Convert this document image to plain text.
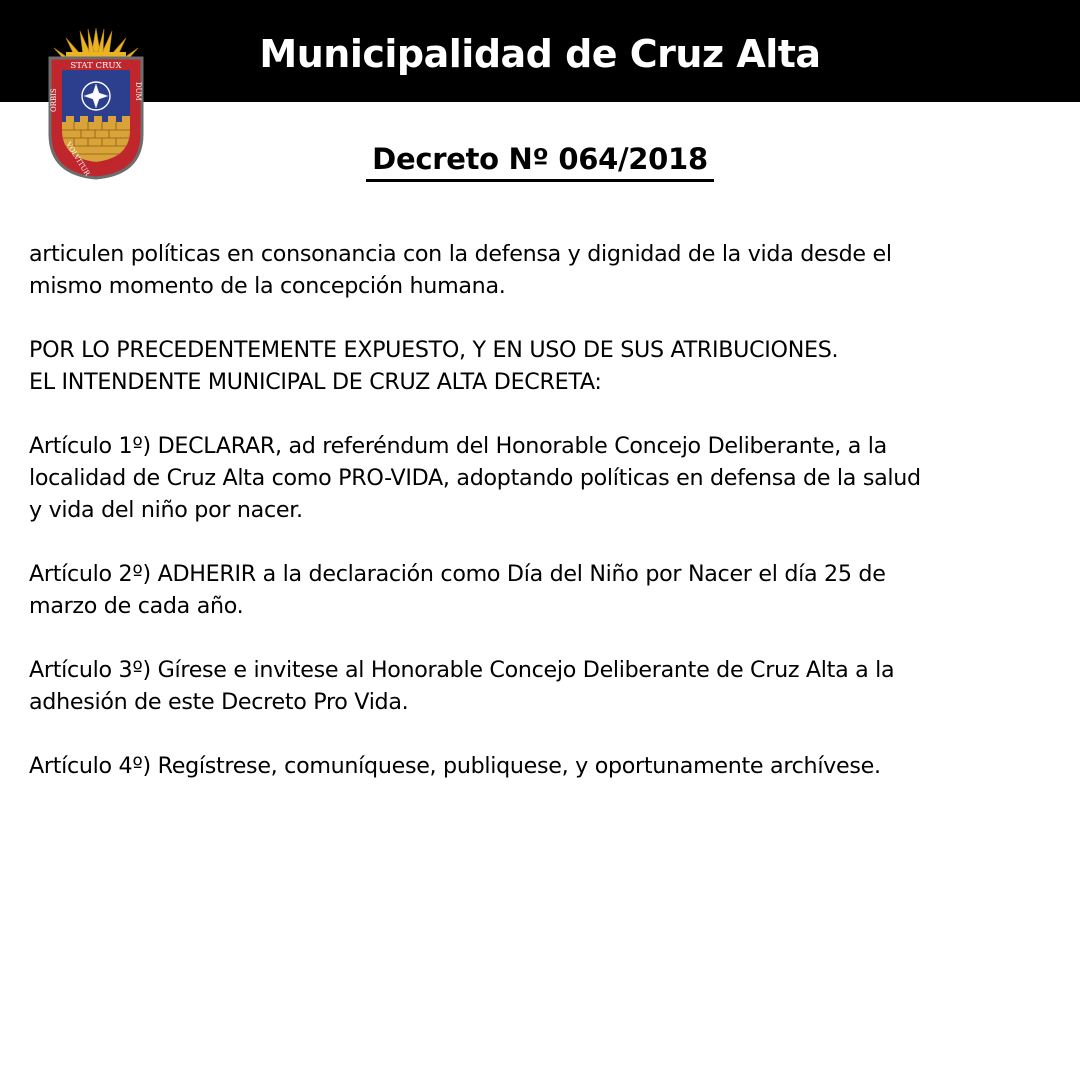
Municipalidad de Cruz Alta
STAT CRUX
DUM
ORBIS
VOLVITUR	Decreto Nº 064/2018

articulen políticas en consonancia con la defensa y dignidad de la vida desde el
mismo momento de la concepción humana.

POR LO PRECEDENTEMENTE EXPUESTO, Y EN USO DE SUS ATRIBUCIONES.
EL INTENDENTE MUNICIPAL DE CRUZ ALTA DECRETA:

Artículo 1º) DECLARAR, ad referéndum del Honorable Concejo Deliberante, a la
localidad de Cruz Alta como PRO-VIDA, adoptando políticas en defensa de la salud
y vida del niño por nacer.

Artículo 2º) ADHERIR a la declaración como Día del Niño por Nacer el día 25 de
marzo de cada año.

Artículo 3º) Gírese e invitese al Honorable Concejo Deliberante de Cruz Alta a la
adhesión de este Decreto Pro Vida.

Artículo 4º) Regístrese, comuníquese, publiquese, y oportunamente archívese.
